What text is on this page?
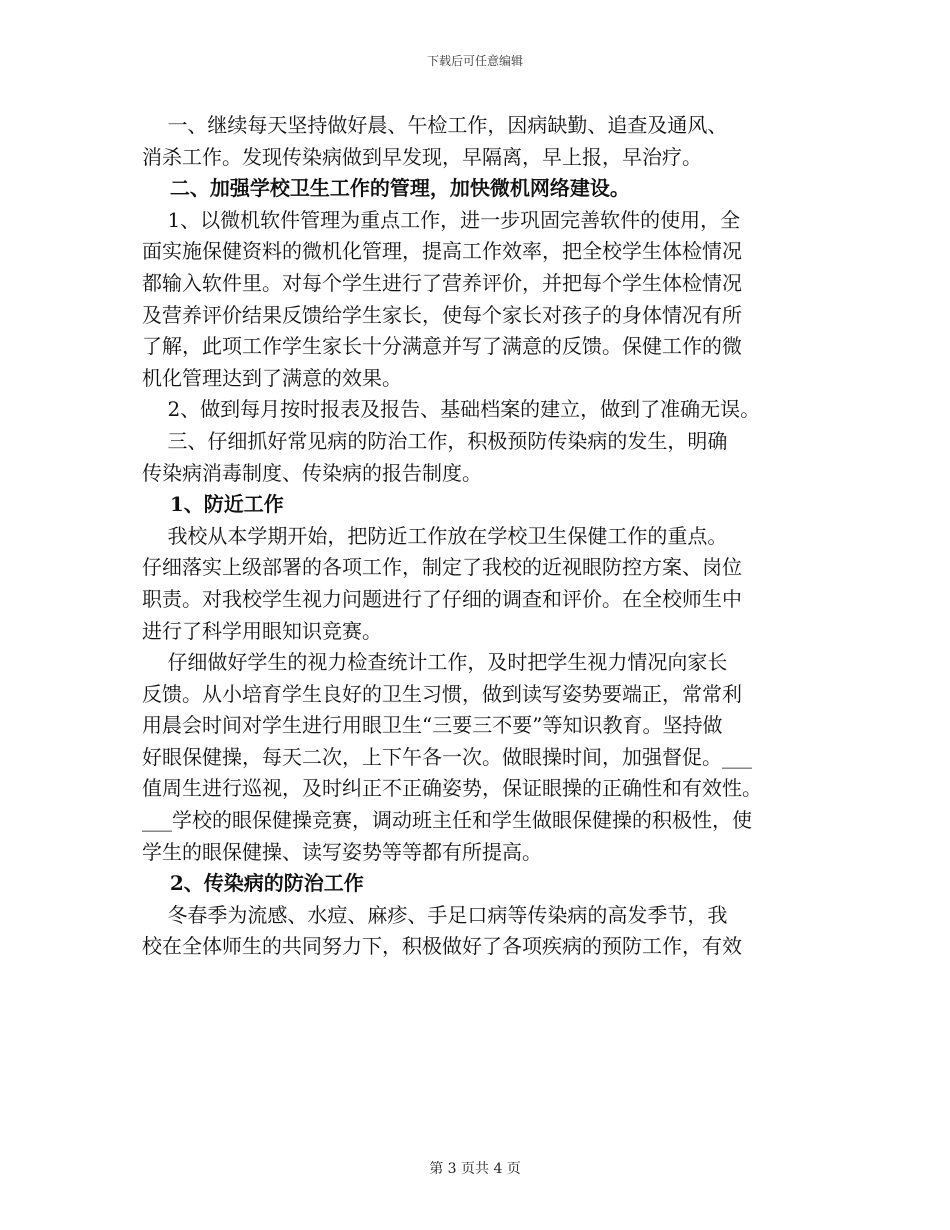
下载后可任意编辑

一、继续每天坚持做好晨、午检工作，因病缺勤、追查及通风、
消杀工作。发现传染病做到早发现，早隔离，早上报，早治疗。

二、加强学校卫生工作的管理，加快微机网络建设。

1、以微机软件管理为重点工作，进一步巩固完善软件的使用，全
面实施保健资料的微机化管理，提高工作效率，把全校学生体检情况
都输入软件里。对每个学生进行了营养评价，并把每个学生体检情况
及营养评价结果反馈给学生家长，使每个家长对孩子的身体情况有所
了解，此项工作学生家长十分满意并写了满意的反馈。保健工作的微
机化管理达到了满意的效果。

2、做到每月按时报表及报告、基础档案的建立，做到了准确无误。

三、仔细抓好常见病的防治工作，积极预防传染病的发生，明确
传染病消毒制度、传染病的报告制度。

1、防近工作

我校从本学期开始，把防近工作放在学校卫生保健工作的重点。
仔细落实上级部署的各项工作，制定了我校的近视眼防控方案、岗位
职责。对我校学生视力问题进行了仔细的调查和评价。在全校师生中
进行了科学用眼知识竞赛。

仔细做好学生的视力检查统计工作，及时把学生视力情况向家长
反馈。从小培育学生良好的卫生习惯，做到读写姿势要端正，常常利
用晨会时间对学生进行用眼卫生“三要三不要”等知识教育。坚持做
好眼保健操，每天二次，上下午各一次。做眼操时间，加强督促。___
值周生进行巡视，及时纠正不正确姿势，保证眼操的正确性和有效性。
___学校的眼保健操竞赛，调动班主任和学生做眼保健操的积极性，使
学生的眼保健操、读写姿势等等都有所提高。

2、传染病的防治工作

冬春季为流感、水痘、麻疹、手足口病等传染病的高发季节，我
校在全体师生的共同努力下，积极做好了各项疾病的预防工作，有效

第 3 页共 4 页
